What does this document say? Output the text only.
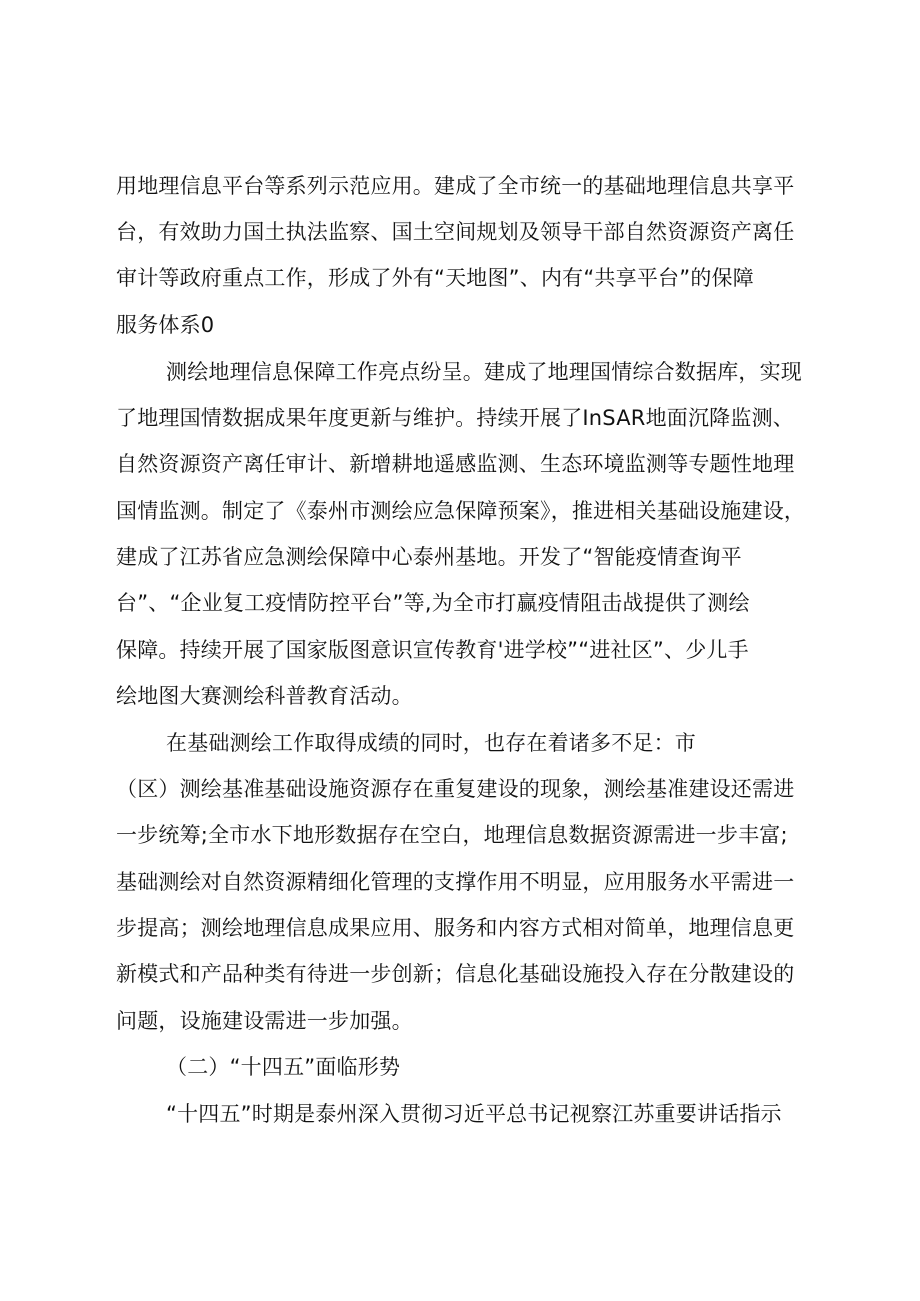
用地理信息平台等系列示范应用。建成了全市统一的基础地理信息共享平
台，有效助力国土执法监察、国土空间规划及领导干部自然资源资产离任
审计等政府重点工作，形成了外有“天地图”、内有“共享平台”的保障
服务体系0
测绘地理信息保障工作亮点纷呈。建成了地理国情综合数据库，实现
了地理国情数据成果年度更新与维护。持续开展了InSAR地面沉降监测、
自然资源资产离任审计、新增耕地遥感监测、生态环境监测等专题性地理
国情监测。制定了《泰州市测绘应急保障预案》，推进相关基础设施建设，
建成了江苏省应急测绘保障中心泰州基地。开发了“智能疫情查询平
台”、“企业复工疫情防控平台”等,为全市打赢疫情阻击战提供了测绘
保障。持续开展了国家版图意识宣传教育'进学校”“进社区”、少儿手
绘地图大赛测绘科普教育活动。
在基础测绘工作取得成绩的同时，也存在着诸多不足：市
（区）测绘基准基础设施资源存在重复建设的现象，测绘基准建设还需进
一步统筹;全市水下地形数据存在空白，地理信息数据资源需进一步丰富;
基础测绘对自然资源精细化管理的支撑作用不明显，应用服务水平需进一
步提高；测绘地理信息成果应用、服务和内容方式相对简单，地理信息更
新模式和产品种类有待进一步创新；信息化基础设施投入存在分散建设的
问题，设施建设需进一步加强。
（二）“十四五”面临形势
“十四五”时期是泰州深入贯彻习近平总书记视察江苏重要讲话指示
